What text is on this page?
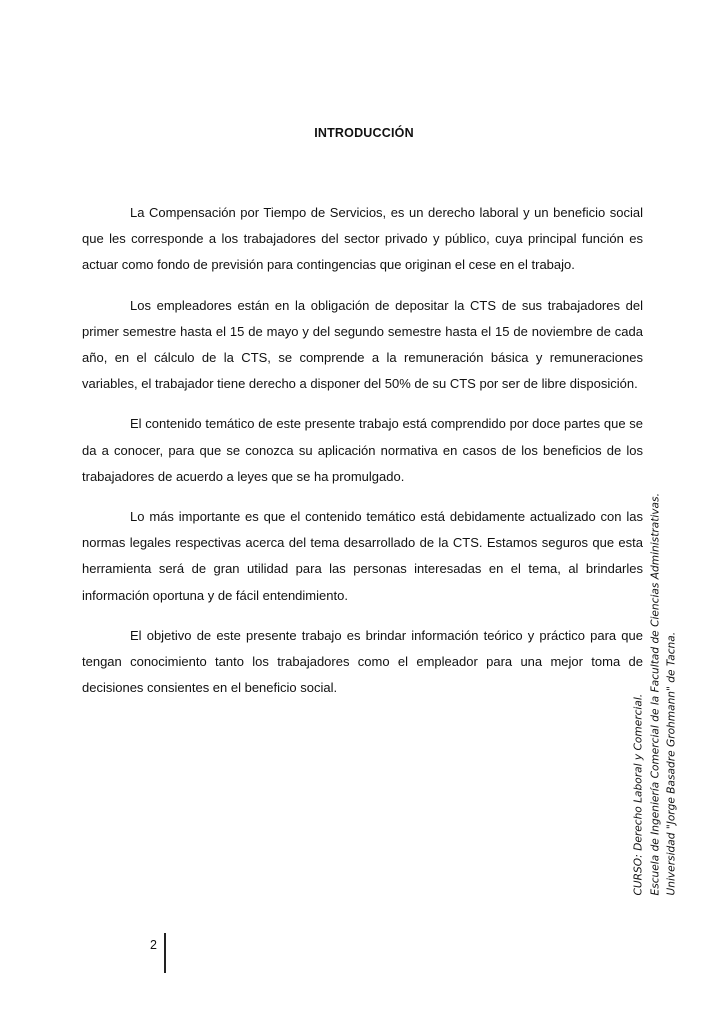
INTRODUCCIÓN

La Compensación por Tiempo de Servicios, es un derecho laboral y un beneficio social que les corresponde a los trabajadores del sector privado y público, cuya principal función es actuar como fondo de previsión para contingencias que originan el cese en el trabajo.

Los empleadores están en la obligación de depositar la CTS de sus trabajadores del primer semestre hasta el 15 de mayo y del segundo semestre hasta el 15 de noviembre de cada año, en el cálculo de la CTS, se comprende a la remuneración básica y remuneraciones variables, el trabajador tiene derecho a disponer del 50% de su CTS por ser de libre disposición.

El contenido temático de este presente trabajo está comprendido por doce partes que se da a conocer, para que se conozca su aplicación normativa en casos de los beneficios de los trabajadores de acuerdo a leyes que se ha promulgado.

Lo más importante es que el contenido temático está debidamente actualizado con las normas legales respectivas acerca del tema desarrollado de la CTS. Estamos seguros que esta herramienta será de gran utilidad para las personas interesadas en el tema, al brindarles información oportuna y de fácil entendimiento.

El objetivo de este presente trabajo es brindar información teórico y práctico para que tengan conocimiento tanto los trabajadores como el empleador para una mejor toma de decisiones consientes en el beneficio social.

CURSO: Derecho Laboral y Comercial. Escuela de Ingeniería Comercial de la Facultad de Ciencias Administrativas. Universidad "Jorge Basadre Grohmann" de Tacna.
2
